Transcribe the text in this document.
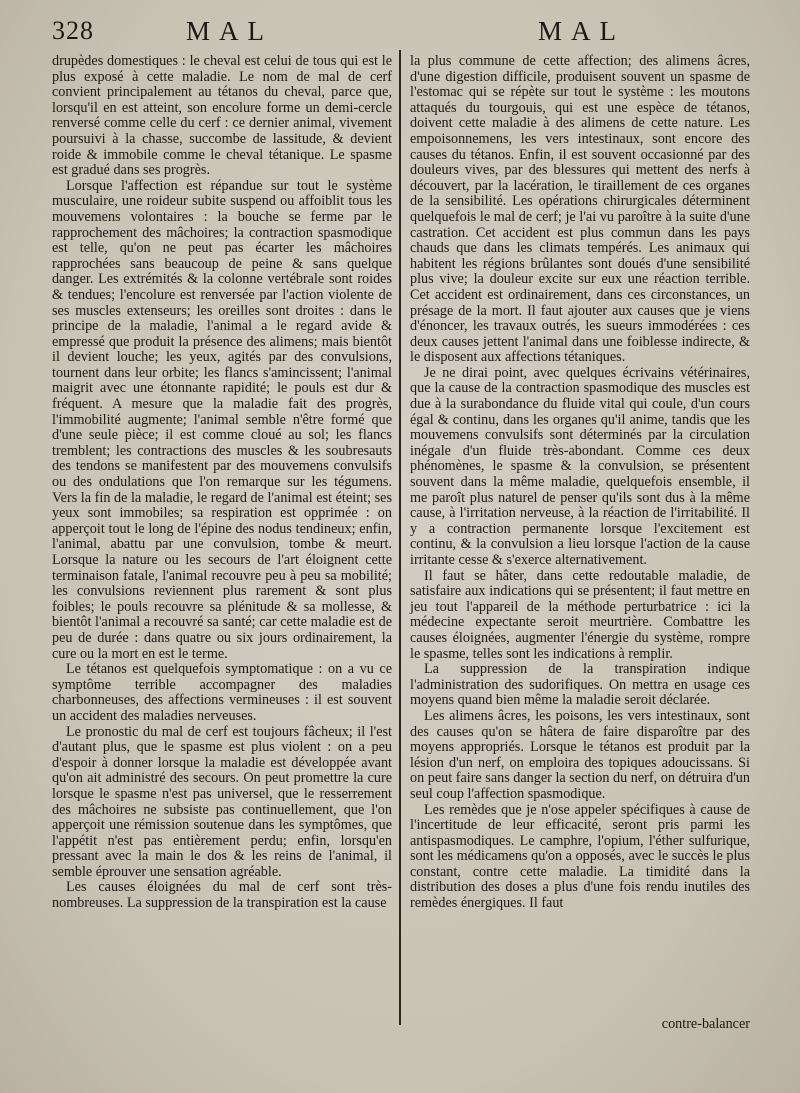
328	MAL	MAL

drupèdes domestiques : le cheval est celui de tous qui est le plus exposé à cette maladie. Le nom de mal de cerf convient principalement au tétanos du cheval, parce que, lorsqu'il en est atteint, son encolure forme un demi-cercle renversé comme celle du cerf : ce dernier animal, vivement poursuivi à la chasse, succombe de lassitude, & devient roide & immobile comme le cheval tétanique. Le spasme est gradué dans ses progrès.

Lorsque l'affection est répandue sur tout le système musculaire, une roideur subite suspend ou affoiblit tous les mouvemens volontaires : la bouche se ferme par le rapprochement des mâchoires; la contraction spasmodique est telle, qu'on ne peut pas écarter les mâchoires rapprochées sans beaucoup de peine & sans quelque danger. Les extrémités & la colonne vertébrale sont roides & tendues; l'encolure est renversée par l'action violente de ses muscles extenseurs; les oreilles sont droites : dans le principe de la maladie, l'animal a le regard avide & empressé que produit la présence des alimens; mais bientôt il devient louche; les yeux, agités par des convulsions, tournent dans leur orbite; les flancs s'amincissent; l'animal maigrit avec une étonnante rapidité; le pouls est dur & fréquent. A mesure que la maladie fait des progrès, l'immobilité augmente; l'animal semble n'être formé que d'une seule pièce; il est comme cloué au sol; les flancs tremblent; les contractions des muscles & les soubresauts des tendons se manifestent par des mouvemens convulsifs ou des ondulations que l'on remarque sur les tégumens. Vers la fin de la maladie, le regard de l'animal est éteint; ses yeux sont immobiles; sa respiration est opprimée : on apperçoit tout le long de l'épine des nodus tendineux; enfin, l'animal, abattu par une convulsion, tombe & meurt. Lorsque la nature ou les secours de l'art éloignent cette terminaison fatale, l'animal recouvre peu à peu sa mobilité; les convulsions reviennent plus rarement & sont plus foibles; le pouls recouvre sa plénitude & sa mollesse, & bientôt l'animal a recouvré sa santé; car cette maladie est de peu de durée : dans quatre ou six jours ordinairement, la cure ou la mort en est le terme.

Le tétanos est quelquefois symptomatique : on a vu ce symptôme terrible accompagner des maladies charbonneuses, des affections vermineuses : il est souvent un accident des maladies nerveuses.

Le pronostic du mal de cerf est toujours fâcheux; il l'est d'autant plus, que le spasme est plus violent : on a peu d'espoir à donner lorsque la maladie est développée avant qu'on ait administré des secours. On peut promettre la cure lorsque le spasme n'est pas universel, que le resserrement des mâchoires ne subsiste pas continuellement, que l'on apperçoit une rémission soutenue dans les symptômes, que l'appétit n'est pas entièrement perdu; enfin, lorsqu'en pressant avec la main le dos & les reins de l'animal, il semble éprouver une sensation agréable.

Les causes éloignées du mal de cerf sont très-nombreuses. La suppression de la transpiration est la cause

la plus commune de cette affection; des alimens âcres, d'une digestion difficile, produisent souvent un spasme de l'estomac qui se répète sur tout le système : les moutons attaqués du tourgouis, qui est une espèce de tétanos, doivent cette maladie à des alimens de cette nature. Les empoisonnemens, les vers intestinaux, sont encore des causes du tétanos. Enfin, il est souvent occasionné par des douleurs vives, par des blessures qui mettent des nerfs à découvert, par la lacération, le tiraillement de ces organes de la sensibilité. Les opérations chirurgicales déterminent quelquefois le mal de cerf; je l'ai vu paroître à la suite d'une castration. Cet accident est plus commun dans les pays chauds que dans les climats tempérés. Les animaux qui habitent les régions brûlantes sont doués d'une sensibilité plus vive; la douleur excite sur eux une réaction terrible. Cet accident est ordinairement, dans ces circonstances, un présage de la mort. Il faut ajouter aux causes que je viens d'énoncer, les travaux outrés, les sueurs immodérées : ces deux causes jettent l'animal dans une foiblesse indirecte, & le disposent aux affections tétaniques.

Je ne dirai point, avec quelques écrivains vétérinaires, que la cause de la contraction spasmodique des muscles est due à la surabondance du fluide vital qui coule, d'un cours égal & continu, dans les organes qu'il anime, tandis que les mouvemens convulsifs sont déterminés par la circulation inégale d'un fluide très-abondant. Comme ces deux phénomènes, le spasme & la convulsion, se présentent souvent dans la même maladie, quelquefois ensemble, il me paroît plus naturel de penser qu'ils sont dus à la même cause, à l'irritation nerveuse, à la réaction de l'irritabilité. Il y a contraction permanente lorsque l'excitement est continu, & la convulsion a lieu lorsque l'action de la cause irritante cesse & s'exerce alternativement.

Il faut se hâter, dans cette redoutable maladie, de satisfaire aux indications qui se présentent; il faut mettre en jeu tout l'appareil de la méthode perturbatrice : ici la médecine expectante seroit meurtrière. Combattre les causes éloignées, augmenter l'énergie du système, rompre le spasme, telles sont les indications à remplir.

La suppression de la transpiration indique l'administration des sudorifiques. On mettra en usage ces moyens quand bien même la maladie seroit déclarée.

Les alimens âcres, les poisons, les vers intestinaux, sont des causes qu'on se hâtera de faire disparoître par des moyens appropriés. Lorsque le tétanos est produit par la lésion d'un nerf, on emploira des topiques adoucissans. Si on peut faire sans danger la section du nerf, on détruira d'un seul coup l'affection spasmodique.

Les remèdes que je n'ose appeler spécifiques à cause de l'incertitude de leur efficacité, seront pris parmi les antispasmodiques. Le camphre, l'opium, l'éther sulfurique, sont les médicamens qu'on a opposés, avec le succès le plus constant, contre cette maladie. La timidité dans la distribution des doses a plus d'une fois rendu inutiles des remèdes énergiques. Il faut

contre-balancer
